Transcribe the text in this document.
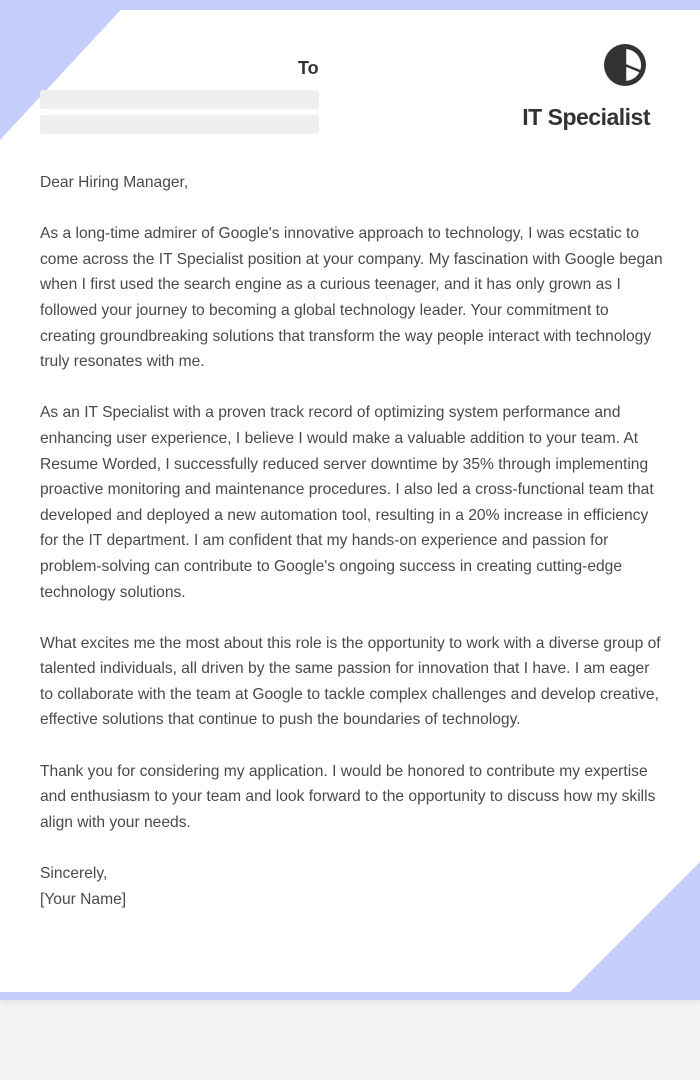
To
IT Specialist

Dear Hiring Manager,

As a long-time admirer of Google's innovative approach to technology, I was ecstatic to come across the IT Specialist position at your company. My fascination with Google began when I first used the search engine as a curious teenager, and it has only grown as I followed your journey to becoming a global technology leader. Your commitment to creating groundbreaking solutions that transform the way people interact with technology truly resonates with me.

As an IT Specialist with a proven track record of optimizing system performance and enhancing user experience, I believe I would make a valuable addition to your team. At Resume Worded, I successfully reduced server downtime by 35% through implementing proactive monitoring and maintenance procedures. I also led a cross-functional team that developed and deployed a new automation tool, resulting in a 20% increase in efficiency for the IT department. I am confident that my hands-on experience and passion for problem-solving can contribute to Google's ongoing success in creating cutting-edge technology solutions.

What excites me the most about this role is the opportunity to work with a diverse group of talented individuals, all driven by the same passion for innovation that I have. I am eager to collaborate with the team at Google to tackle complex challenges and develop creative, effective solutions that continue to push the boundaries of technology.

Thank you for considering my application. I would be honored to contribute my expertise and enthusiasm to your team and look forward to the opportunity to discuss how my skills align with your needs.

Sincerely,

[Your Name]
